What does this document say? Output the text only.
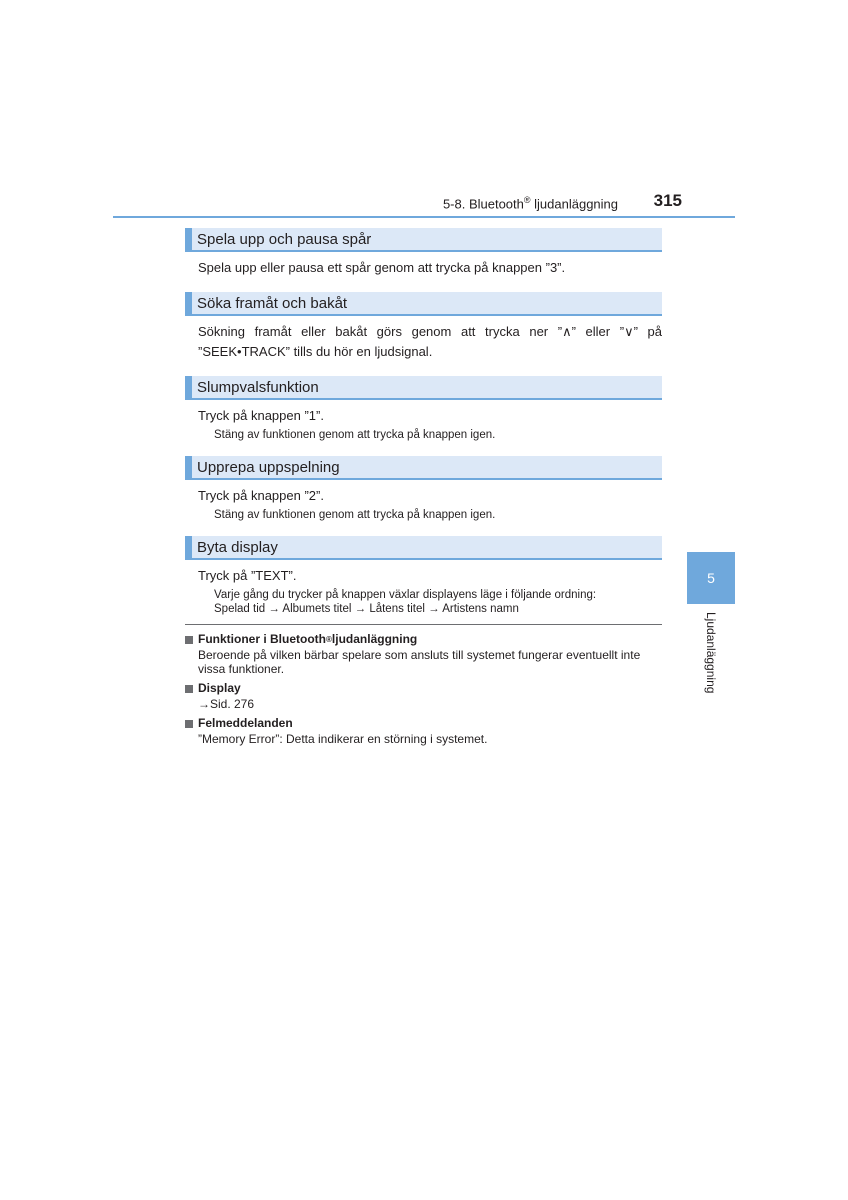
5-8. Bluetooth® ljudanläggning 315
Spela upp och pausa spår
Spela upp eller pausa ett spår genom att trycka på knappen ”3”.
Söka framåt och bakåt
Sökning framåt eller bakåt görs genom att trycka ner ”∧” eller ”∨” på ”SEEK•TRACK” tills du hör en ljudsignal.
Slumpvalsfunktion
Tryck på knappen ”1”.
Stäng av funktionen genom att trycka på knappen igen.
Upprepa uppspelning
Tryck på knappen ”2”.
Stäng av funktionen genom att trycka på knappen igen.
Byta display
Tryck på ”TEXT”.
Varje gång du trycker på knappen växlar displayens läge i följande ordning:
Spelad tid → Albumets titel → Låtens titel → Artistens namn
Funktioner i Bluetooth ® ljudanläggning
Beroende på vilken bärbar spelare som ansluts till systemet fungerar eventuellt inte vissa funktioner.
Display
→Sid. 276
Felmeddelanden
”Memory Error”: Detta indikerar en störning i systemet.
5
Ljudanläggning
